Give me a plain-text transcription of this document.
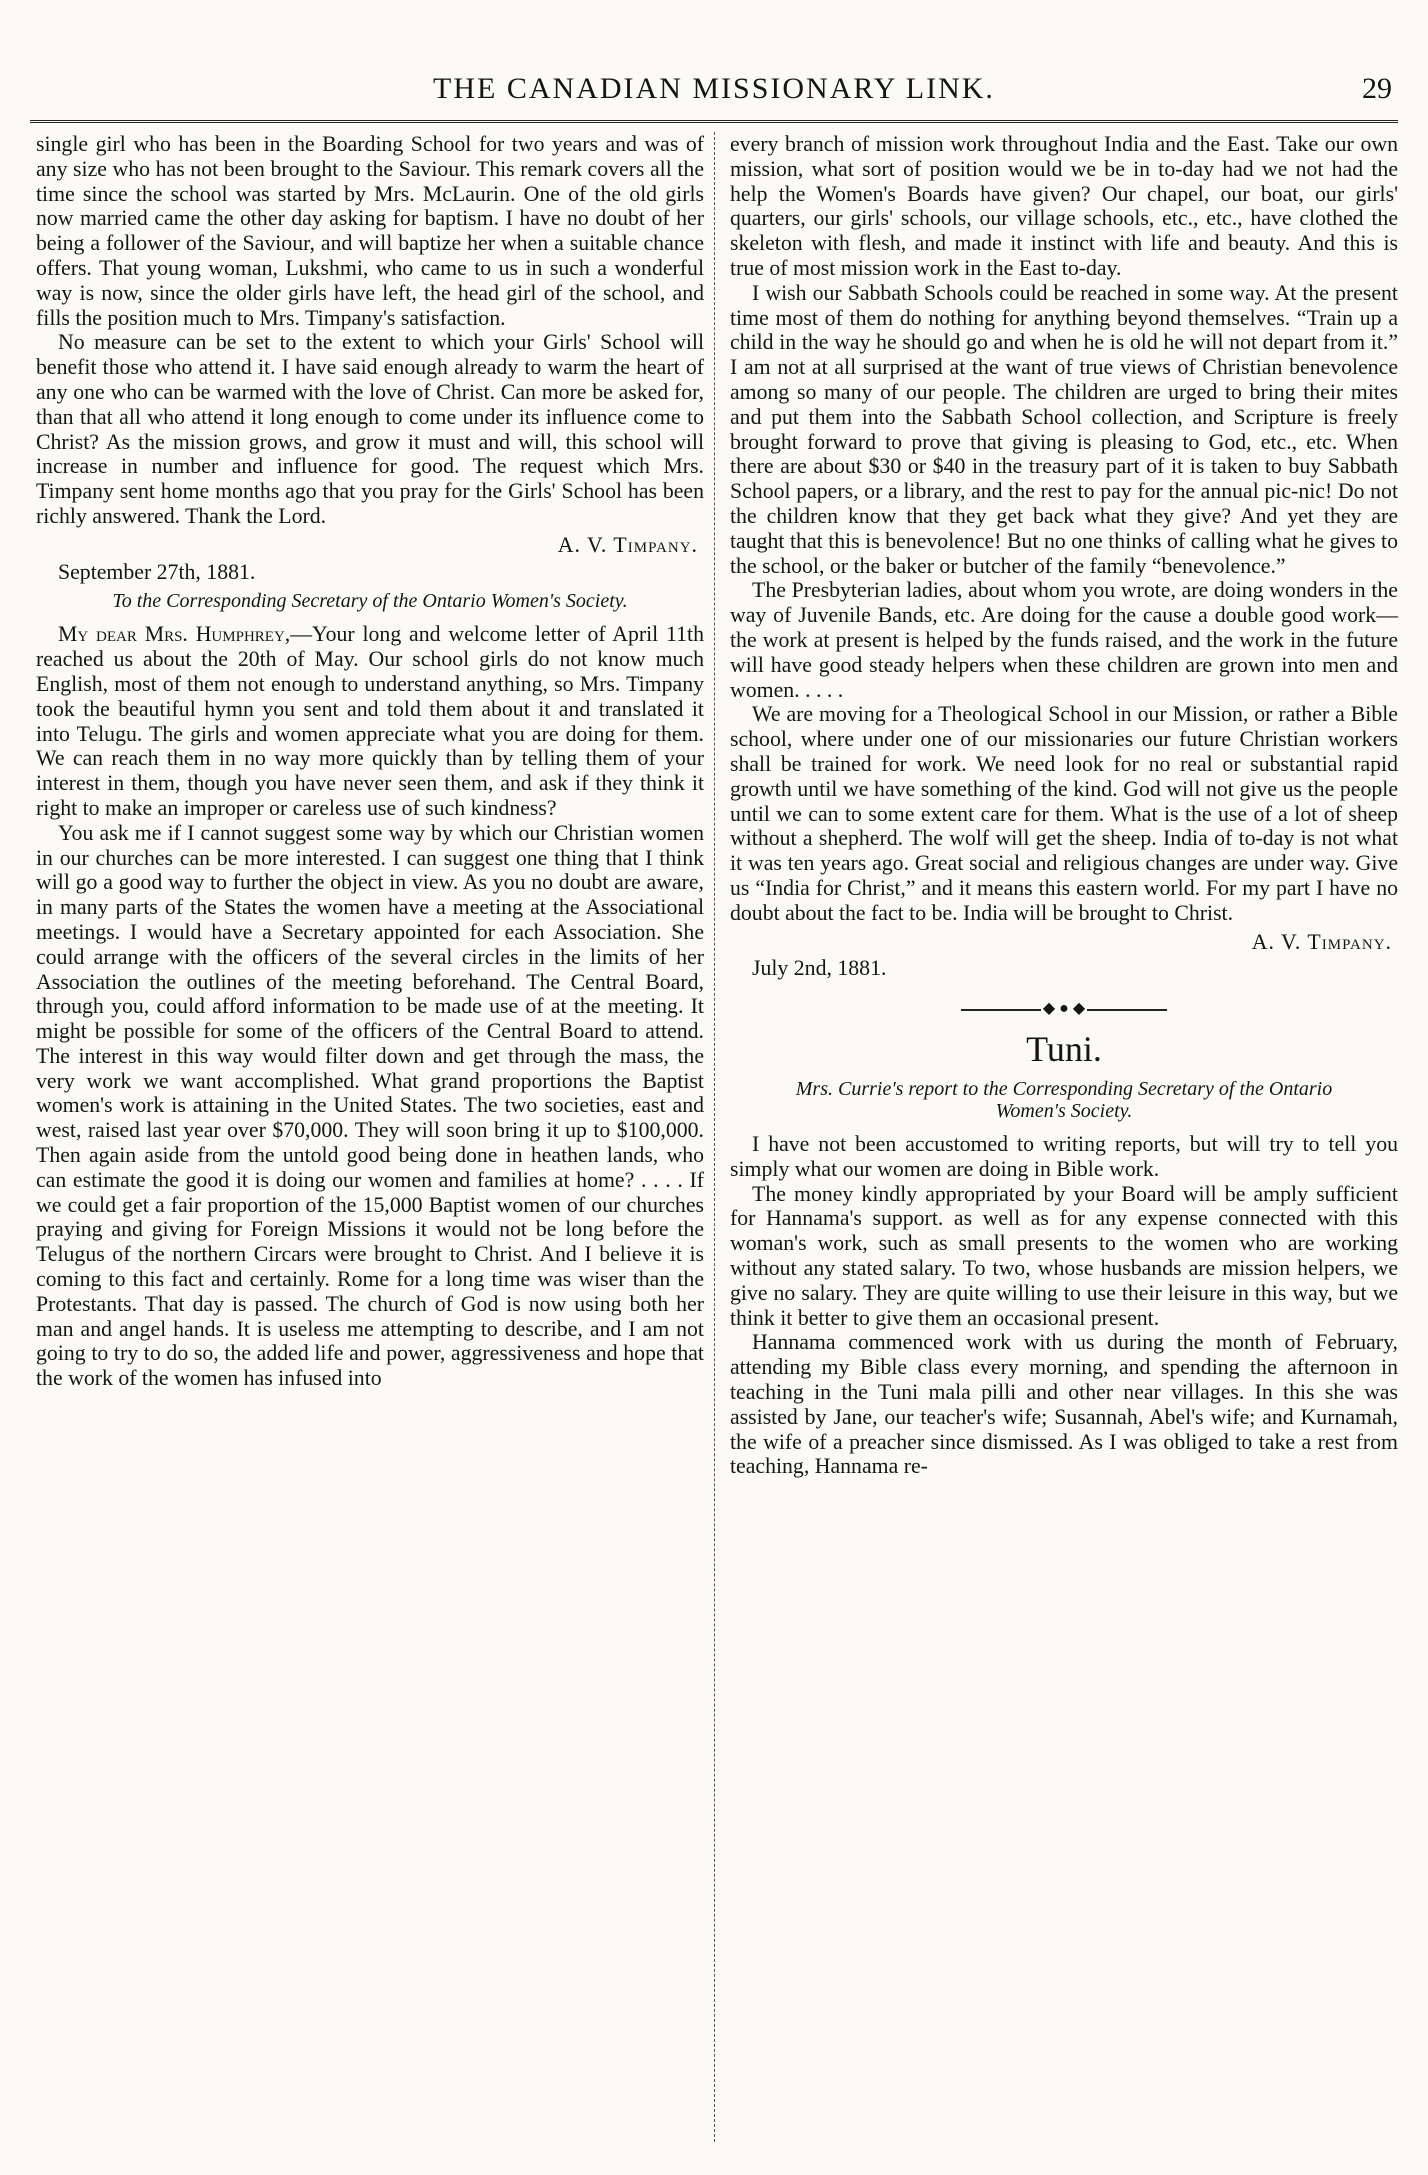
THE CANADIAN MISSIONARY LINK.	29

single girl who has been in the Boarding School for two years and was of any size who has not been brought to the Saviour. This remark covers all the time since the school was started by Mrs. McLaurin. One of the old girls now married came the other day asking for baptism. I have no doubt of her being a follower of the Saviour, and will baptize her when a suitable chance offers. That young woman, Lukshmi, who came to us in such a wonderful way is now, since the older girls have left, the head girl of the school, and fills the position much to Mrs. Timpany's satisfaction.

No measure can be set to the extent to which your Girls' School will benefit those who attend it. I have said enough already to warm the heart of any one who can be warmed with the love of Christ. Can more be asked for, than that all who attend it long enough to come under its influence come to Christ? As the mission grows, and grow it must and will, this school will increase in number and influence for good. The request which Mrs. Timpany sent home months ago that you pray for the Girls' School has been richly answered. Thank the Lord.

A. V. Timpany.

September 27th, 1881.

To the Corresponding Secretary of the Ontario Women's Society.

My dear Mrs. Humphrey,—Your long and welcome letter of April 11th reached us about the 20th of May. Our school girls do not know much English, most of them not enough to understand anything, so Mrs. Timpany took the beautiful hymn you sent and told them about it and translated it into Telugu. The girls and women appreciate what you are doing for them. We can reach them in no way more quickly than by telling them of your interest in them, though you have never seen them, and ask if they think it right to make an improper or careless use of such kindness?

You ask me if I cannot suggest some way by which our Christian women in our churches can be more interested. I can suggest one thing that I think will go a good way to further the object in view. As you no doubt are aware, in many parts of the States the women have a meeting at the Associational meetings. I would have a Secretary appointed for each Association. She could arrange with the officers of the several circles in the limits of her Association the outlines of the meeting beforehand. The Central Board, through you, could afford information to be made use of at the meeting. It might be possible for some of the officers of the Central Board to attend. The interest in this way would filter down and get through the mass, the very work we want accomplished. What grand proportions the Baptist women's work is attaining in the United States. The two societies, east and west, raised last year over $70,000. They will soon bring it up to $100,000. Then again aside from the untold good being done in heathen lands, who can estimate the good it is doing our women and families at home? . . . . If we could get a fair proportion of the 15,000 Baptist women of our churches praying and giving for Foreign Missions it would not be long before the Telugus of the northern Circars were brought to Christ. And I believe it is coming to this fact and certainly. Rome for a long time was wiser than the Protestants. That day is passed. The church of God is now using both her man and angel hands. It is useless me attempting to describe, and I am not going to try to do so, the added life and power, aggressiveness and hope that the work of the women has infused into

every branch of mission work throughout India and the East. Take our own mission, what sort of position would we be in to-day had we not had the help the Women's Boards have given? Our chapel, our boat, our girls' quarters, our girls' schools, our village schools, etc., etc., have clothed the skeleton with flesh, and made it instinct with life and beauty. And this is true of most mission work in the East to-day.

I wish our Sabbath Schools could be reached in some way. At the present time most of them do nothing for anything beyond themselves. “Train up a child in the way he should go and when he is old he will not depart from it.” I am not at all surprised at the want of true views of Christian benevolence among so many of our people. The children are urged to bring their mites and put them into the Sabbath School collection, and Scripture is freely brought forward to prove that giving is pleasing to God, etc., etc. When there are about $30 or $40 in the treasury part of it is taken to buy Sabbath School papers, or a library, and the rest to pay for the annual pic-nic! Do not the children know that they get back what they give? And yet they are taught that this is benevolence! But no one thinks of calling what he gives to the school, or the baker or butcher of the family “benevolence.”

The Presbyterian ladies, about whom you wrote, are doing wonders in the way of Juvenile Bands, etc. Are doing for the cause a double good work—the work at present is helped by the funds raised, and the work in the future will have good steady helpers when these children are grown into men and women. . . . .

We are moving for a Theological School in our Mission, or rather a Bible school, where under one of our missionaries our future Christian workers shall be trained for work. We need look for no real or substantial rapid growth until we have something of the kind. God will not give us the people until we can to some extent care for them. What is the use of a lot of sheep without a shepherd. The wolf will get the sheep. India of to-day is not what it was ten years ago. Great social and religious changes are under way. Give us “India for Christ,” and it means this eastern world. For my part I have no doubt about the fact to be. India will be brought to Christ.

A. V. Timpany.

July 2nd, 1881.

◆ ● ◆
Tuni.
Mrs. Currie's report to the Corresponding Secretary of the Ontario Women's Society.

I have not been accustomed to writing reports, but will try to tell you simply what our women are doing in Bible work.

The money kindly appropriated by your Board will be amply sufficient for Hannama's support. as well as for any expense connected with this woman's work, such as small presents to the women who are working without any stated salary. To two, whose husbands are mission helpers, we give no salary. They are quite willing to use their leisure in this way, but we think it better to give them an occasional present.

Hannama commenced work with us during the month of February, attending my Bible class every morning, and spending the afternoon in teaching in the Tuni mala pilli and other near villages. In this she was assisted by Jane, our teacher's wife; Susannah, Abel's wife; and Kurnamah, the wife of a preacher since dismissed. As I was obliged to take a rest from teaching, Hannama re-
